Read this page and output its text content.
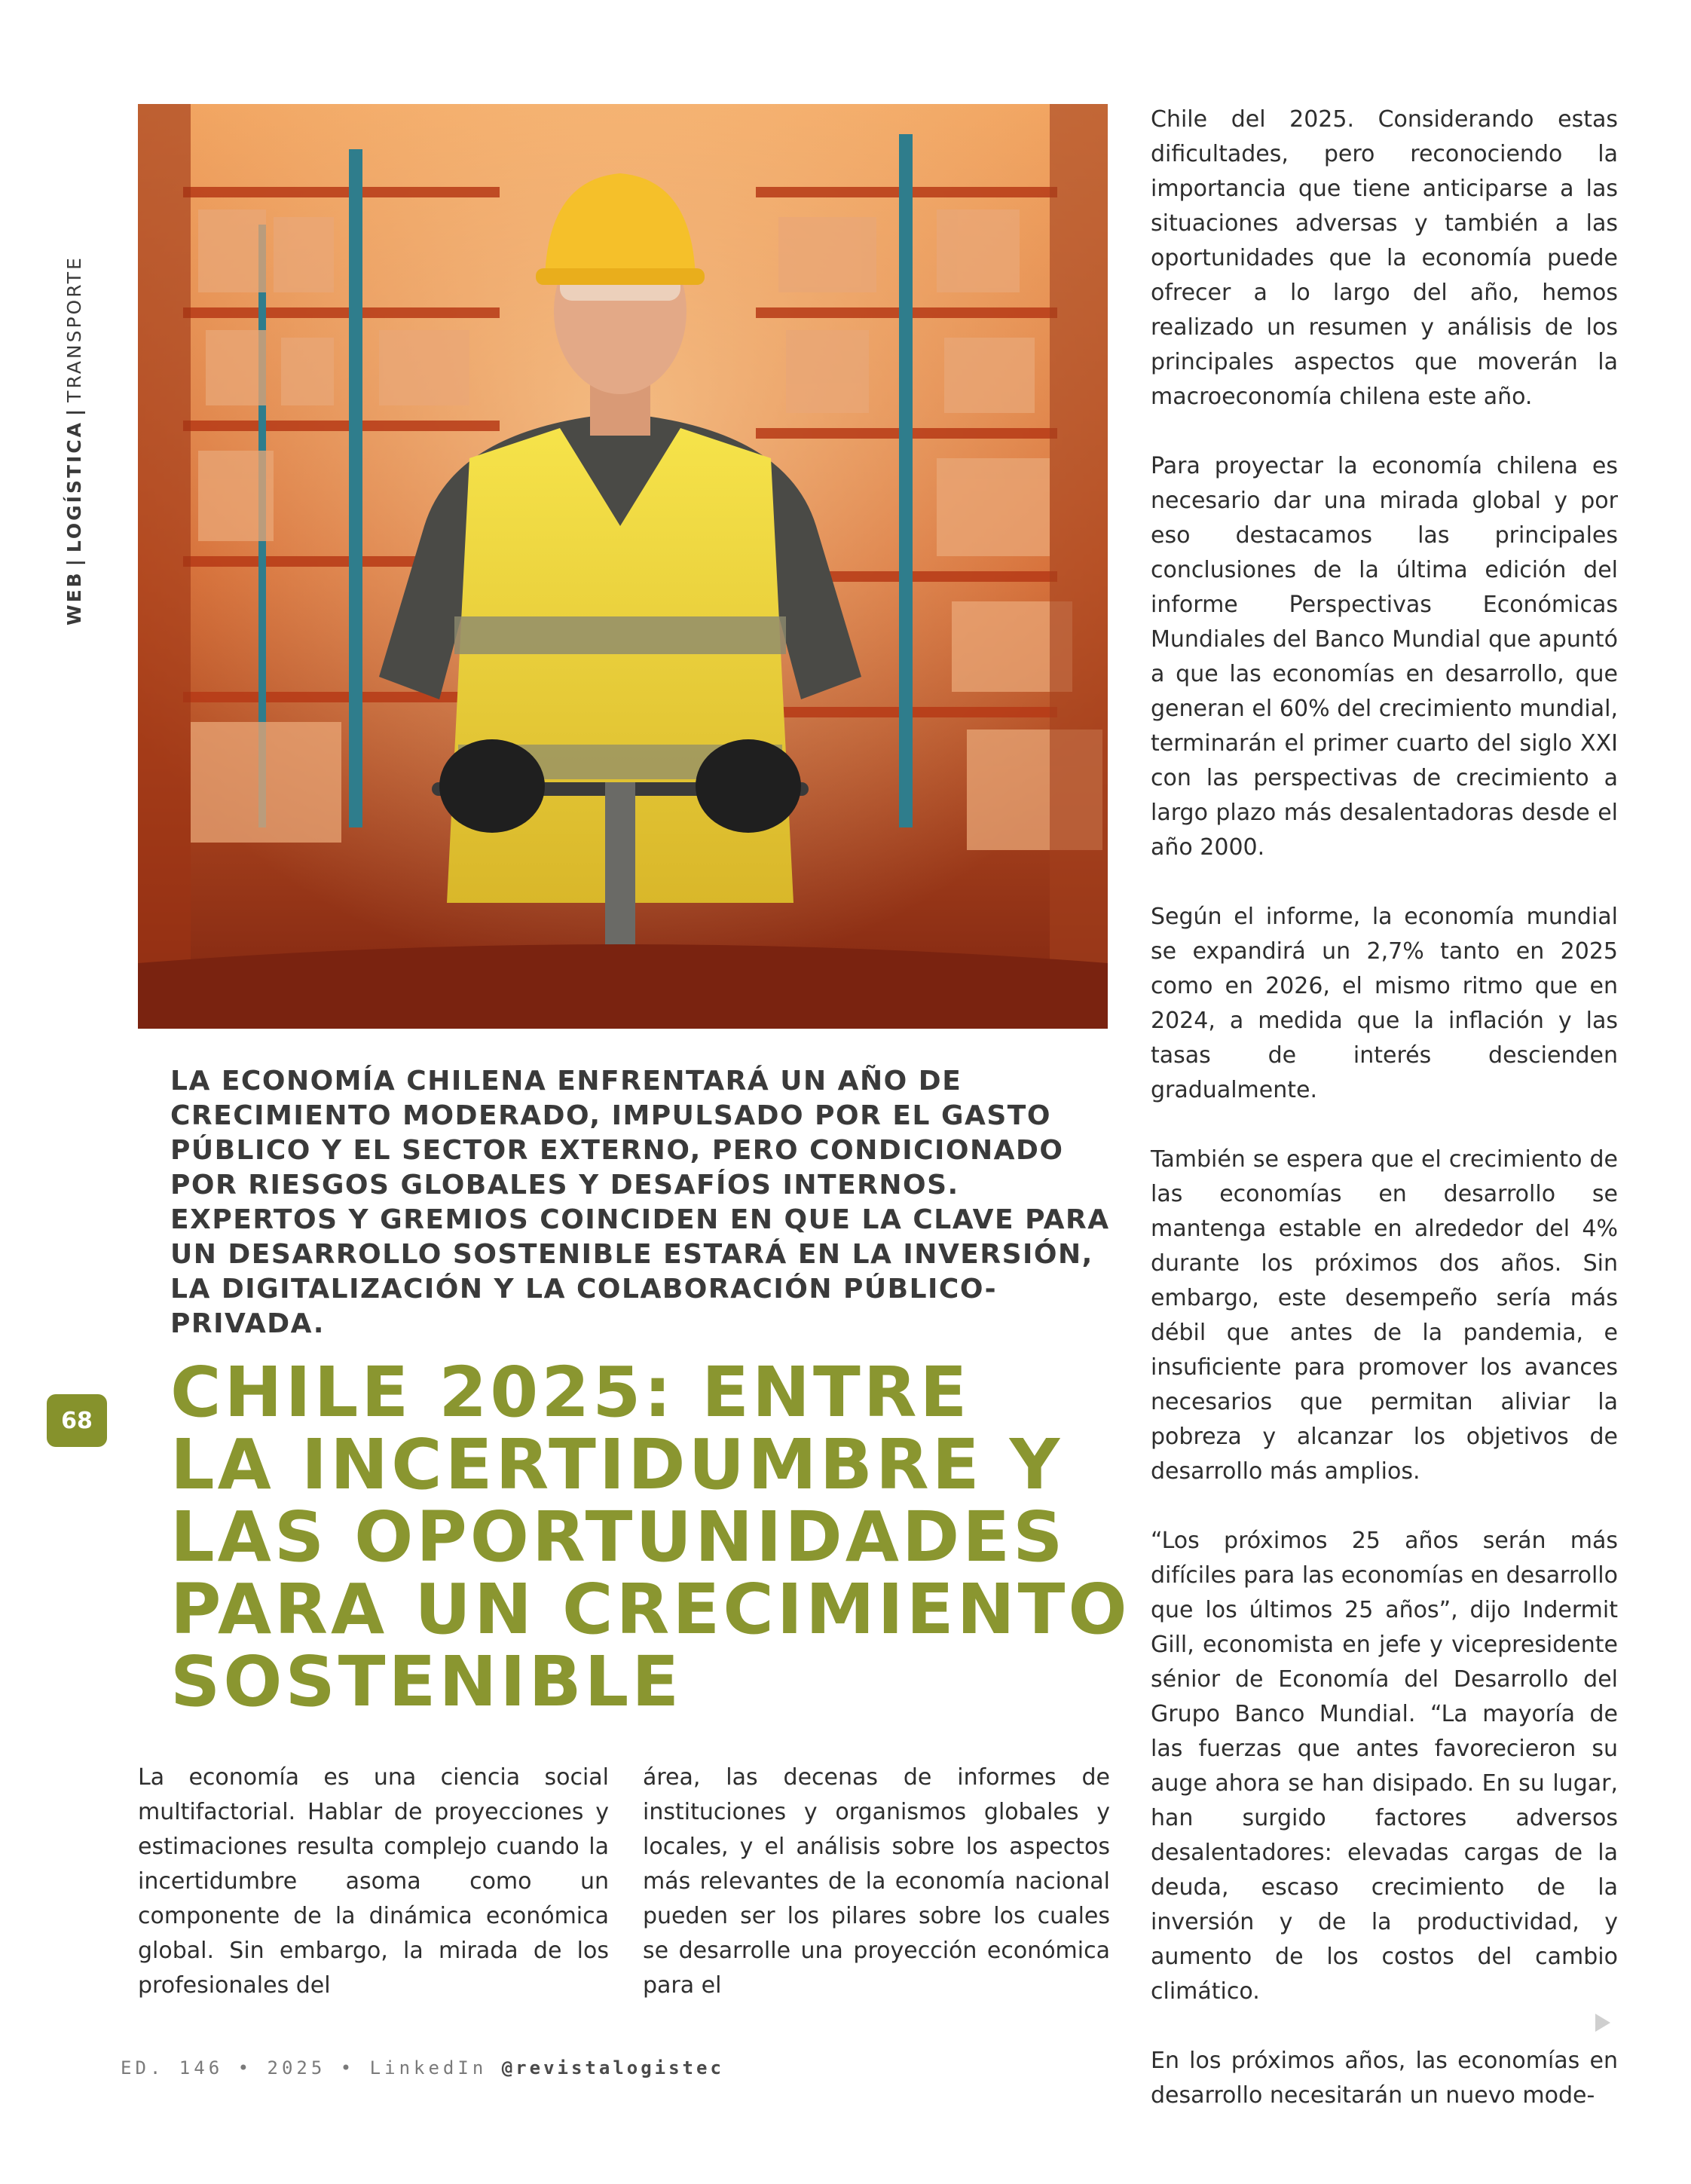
WEB|LOGÍSTICA|TRANSPORTE
68

LA ECONOMÍA CHILENA ENFRENTARÁ UN AÑO DE CRECIMIENTO MODERADO, IMPULSADO POR EL GASTO PÚBLICO Y EL SECTOR EXTERNO, PERO CONDICIONADO POR RIESGOS GLOBALES Y DESAFÍOS INTERNOS. EXPERTOS Y GREMIOS COINCIDEN EN QUE LA CLAVE PARA UN DESARROLLO SOSTENIBLE ESTARÁ EN LA INVERSIÓN, LA DIGITALIZACIÓN Y LA COLABORACIÓN PÚBLICO-PRIVADA.

CHILE 2025: ENTRE
LA INCERTIDUMBRE Y
LAS OPORTUNIDADES
PARA UN CRECIMIENTO
SOSTENIBLE

La economía es una ciencia social multifactorial. Hablar de proyecciones y estimaciones resulta complejo cuando la incertidumbre asoma como un componente de la dinámica económica global. Sin embargo, la mirada de los profesionales del

área, las decenas de informes de instituciones y organismos globales y locales, y el análisis sobre los aspectos más relevantes de la economía nacional pueden ser los pilares sobre los cuales se desarrolle una proyección económica para el

Chile del 2025. Considerando estas dificultades, pero reconociendo la importancia que tiene anticiparse a las situaciones adversas y también a las oportunidades que la economía puede ofrecer a lo largo del año, hemos realizado un resumen y análisis de los principales aspectos que moverán la macroeconomía chilena este año.

Para proyectar la economía chilena es necesario dar una mirada global y por eso destacamos las principales conclusiones de la última edición del informe Perspectivas Económicas Mundiales del Banco Mundial que apuntó a que las economías en desarrollo, que generan el 60% del crecimiento mundial, terminarán el primer cuarto del siglo XXI con las perspectivas de crecimiento a largo plazo más desalentadoras desde el año 2000.

Según el informe, la economía mundial se expandirá un 2,7% tanto en 2025 como en 2026, el mismo ritmo que en 2024, a medida que la inflación y las tasas de interés descienden gradualmente.

También se espera que el crecimiento de las economías en desarrollo se mantenga estable en alrededor del 4% durante los próximos dos años. Sin embargo, este desempeño sería más débil que antes de la pandemia, e insuficiente para promover los avances necesarios que permitan aliviar la pobreza y alcanzar los objetivos de desarrollo más amplios.

“Los próximos 25 años serán más difíciles para las economías en desarrollo que los últimos 25 años”, dijo Indermit Gill, economista en jefe y vicepresidente sénior de Economía del Desarrollo del Grupo Banco Mundial. “La mayoría de las fuerzas que antes favorecieron su auge ahora se han disipado. En su lugar, han surgido factores adversos desalentadores: elevadas cargas de la deuda, escaso crecimiento de la inversión y de la productividad, y aumento de los costos del cambio climático.

En los próximos años, las economías en desarrollo necesitarán un nuevo mode-

ED. 146 • 2025 • LinkedIn @revistalogistec
